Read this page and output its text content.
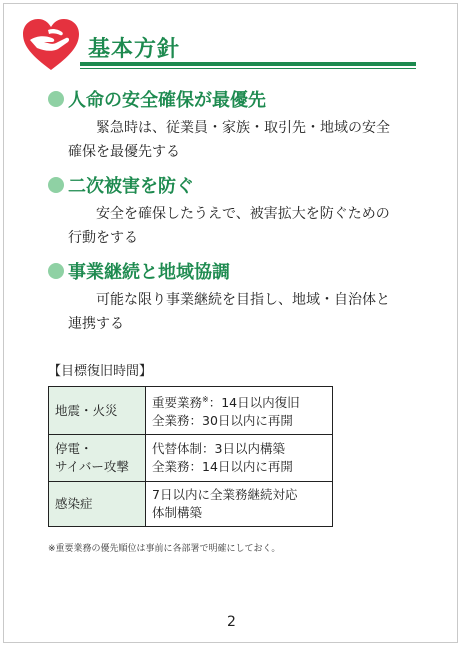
基本方針
人命の安全確保が最優先
緊急時は、従業員・家族・取引先・地域の安全
確保を最優先する
二次被害を防ぐ
安全を確保したうえで、被害拡大を防ぐための
行動をする
事業継続と地域協調
可能な限り事業継続を目指し、地域・自治体と
連携する
【目標復旧時間】
地震・火災	重要業務※：14日以内復旧
全業務：30日以内に再開
停電・
サイバー攻撃	代替体制：3日以内構築
全業務：14日以内に再開
感染症	7日以内に全業務継続対応
体制構築
※重要業務の優先順位は事前に各部署で明確にしておく。
2
